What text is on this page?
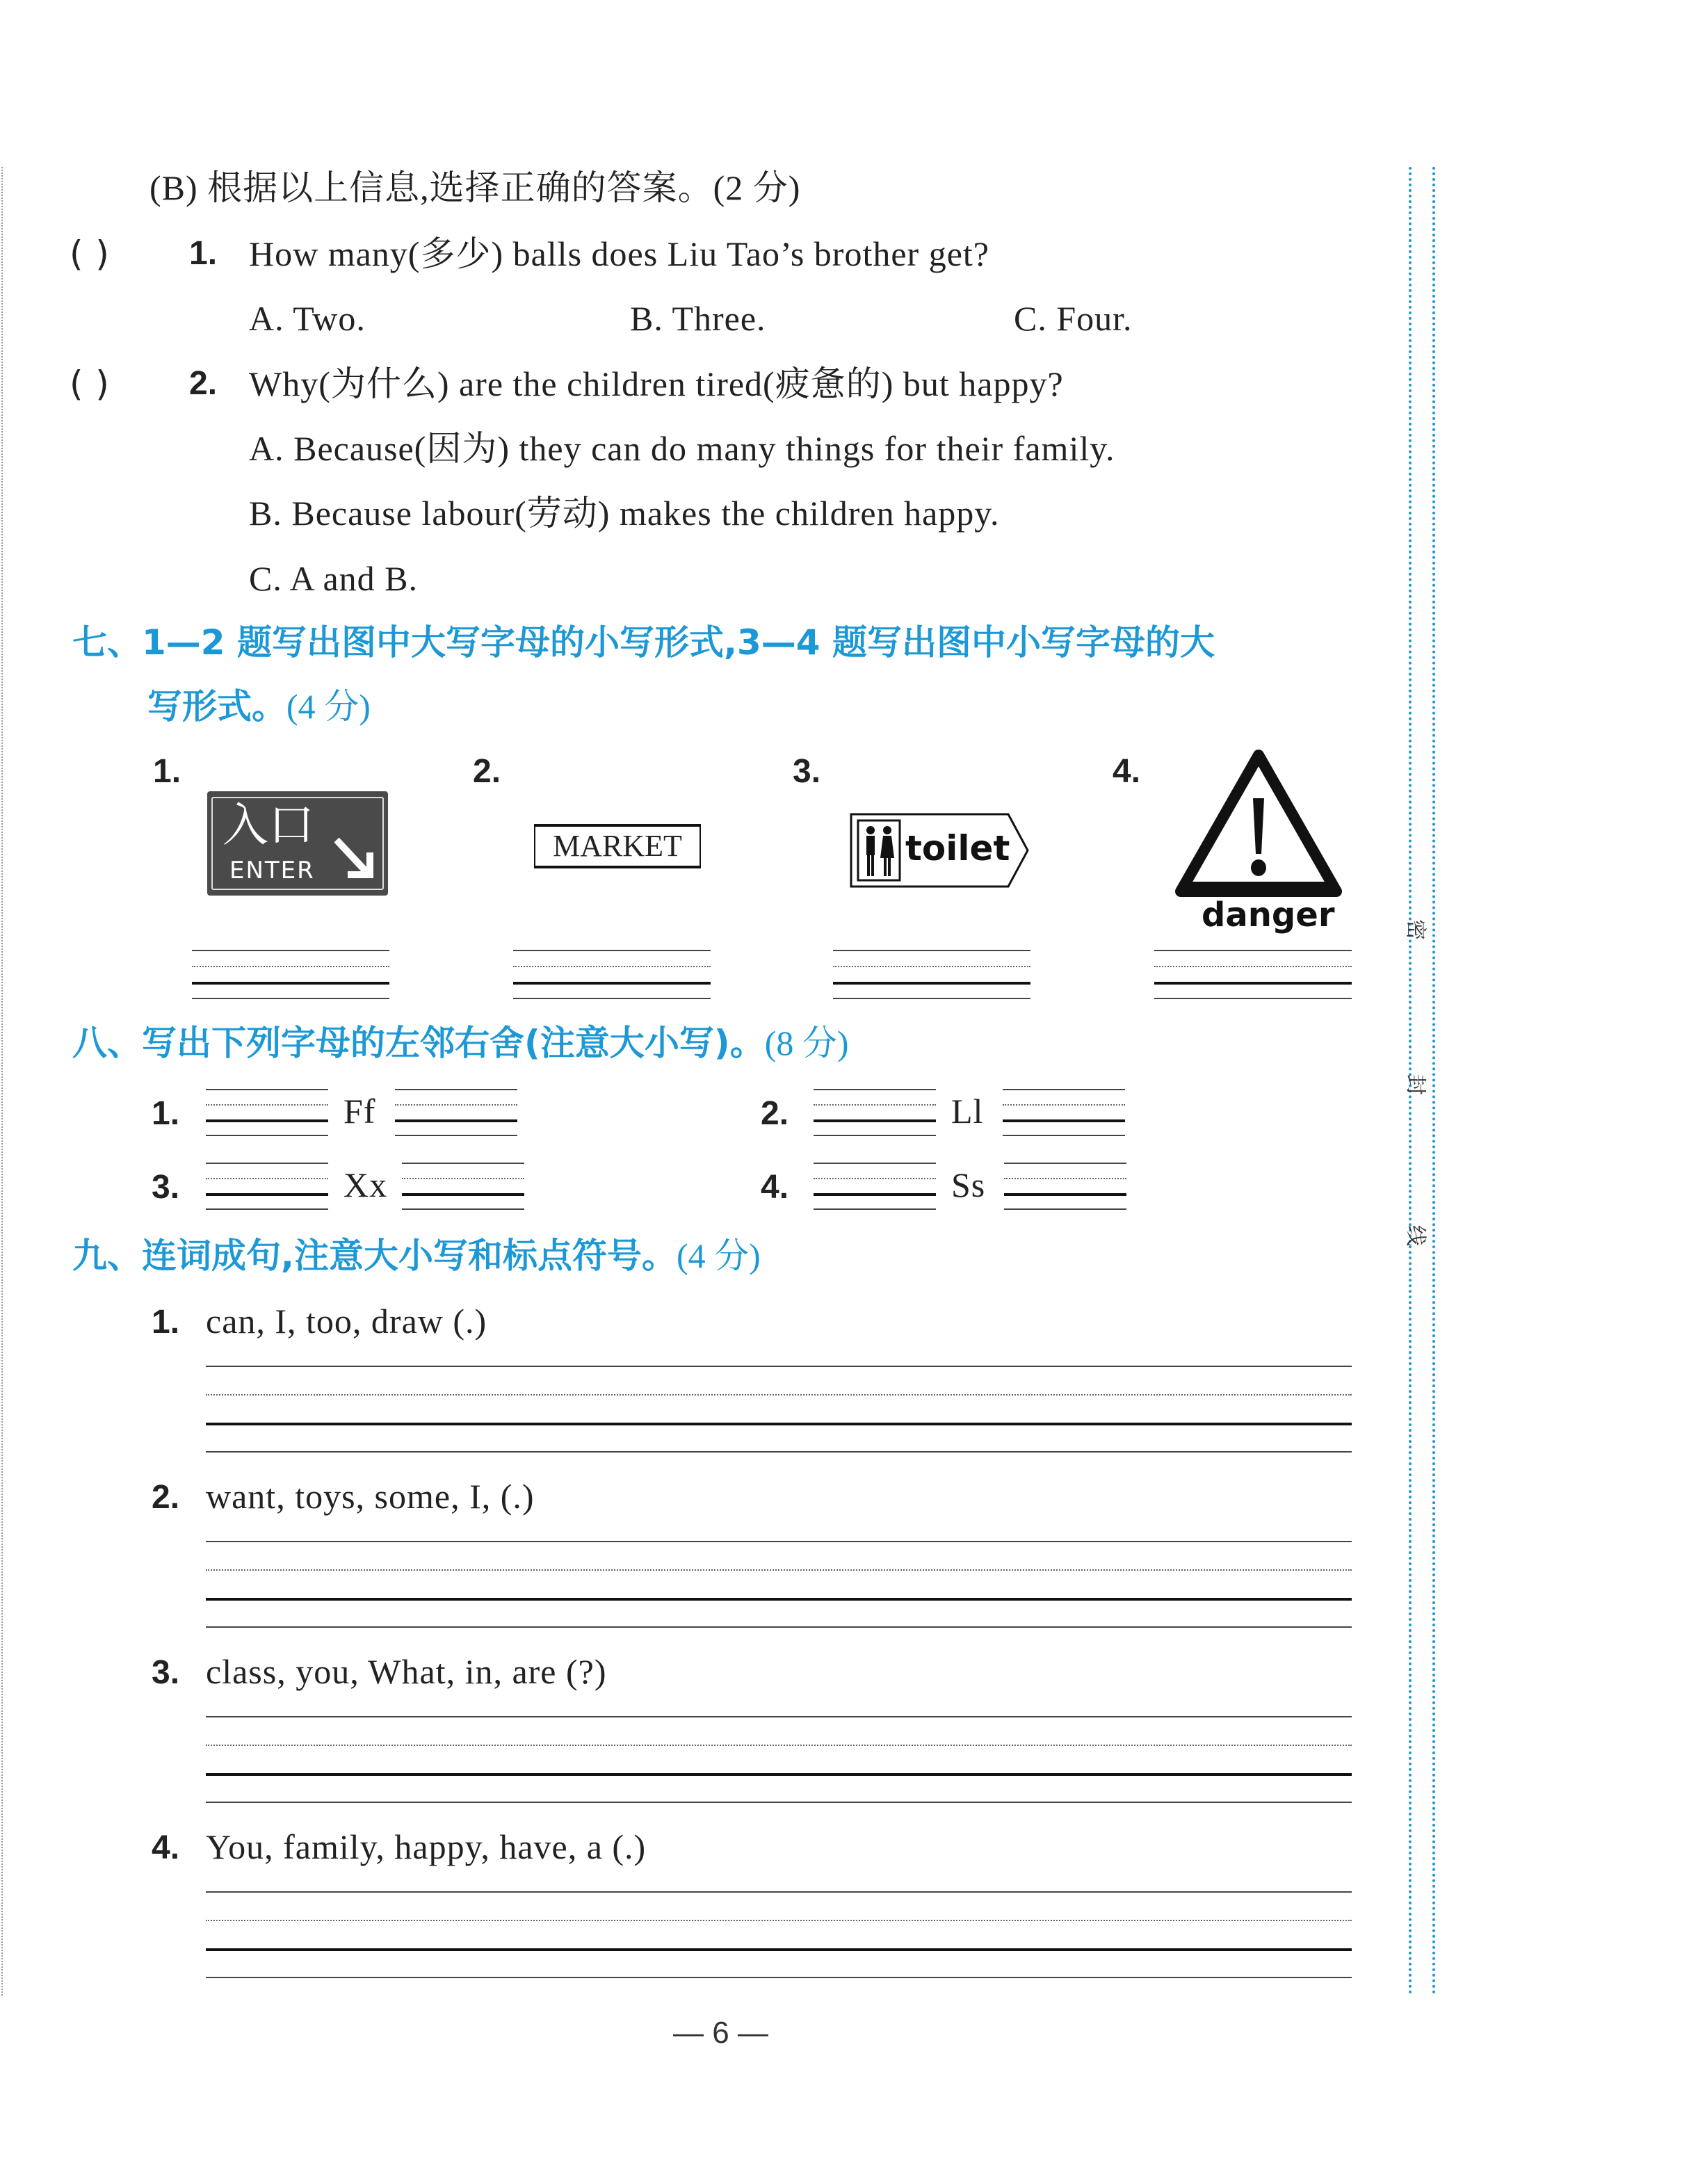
密
封
线
(B) 根据以上信息,选择正确的答案。(2 分)
( ) 1. How many(多少) balls does Liu Tao’s brother get?
A. Two.	B. Three.	C. Four.
( ) 2. Why(为什么) are the children tired(疲惫的) but happy?
A. Because(因为) they can do many things for their family.
B. Because labour(劳动) makes the children happy.
C. A and B.
七、1—2 题写出图中大写字母的小写形式,3—4 题写出图中小写字母的大
写形式。(4 分)
1.	2.	3.	4.
入口
ENTER
MARKET	toilet
danger
八、写出下列字母的左邻右舍(注意大小写)。(8 分)
1.	Ff	2.	Ll
3.	Xx	4.	Ss
九、连词成句,注意大小写和标点符号。(4 分)
1. can, I, too, draw (.)
2. want, toys, some, I, (.)
3. class, you, What, in, are (?)
4. You, family, happy, have, a (.)
— 6 —
